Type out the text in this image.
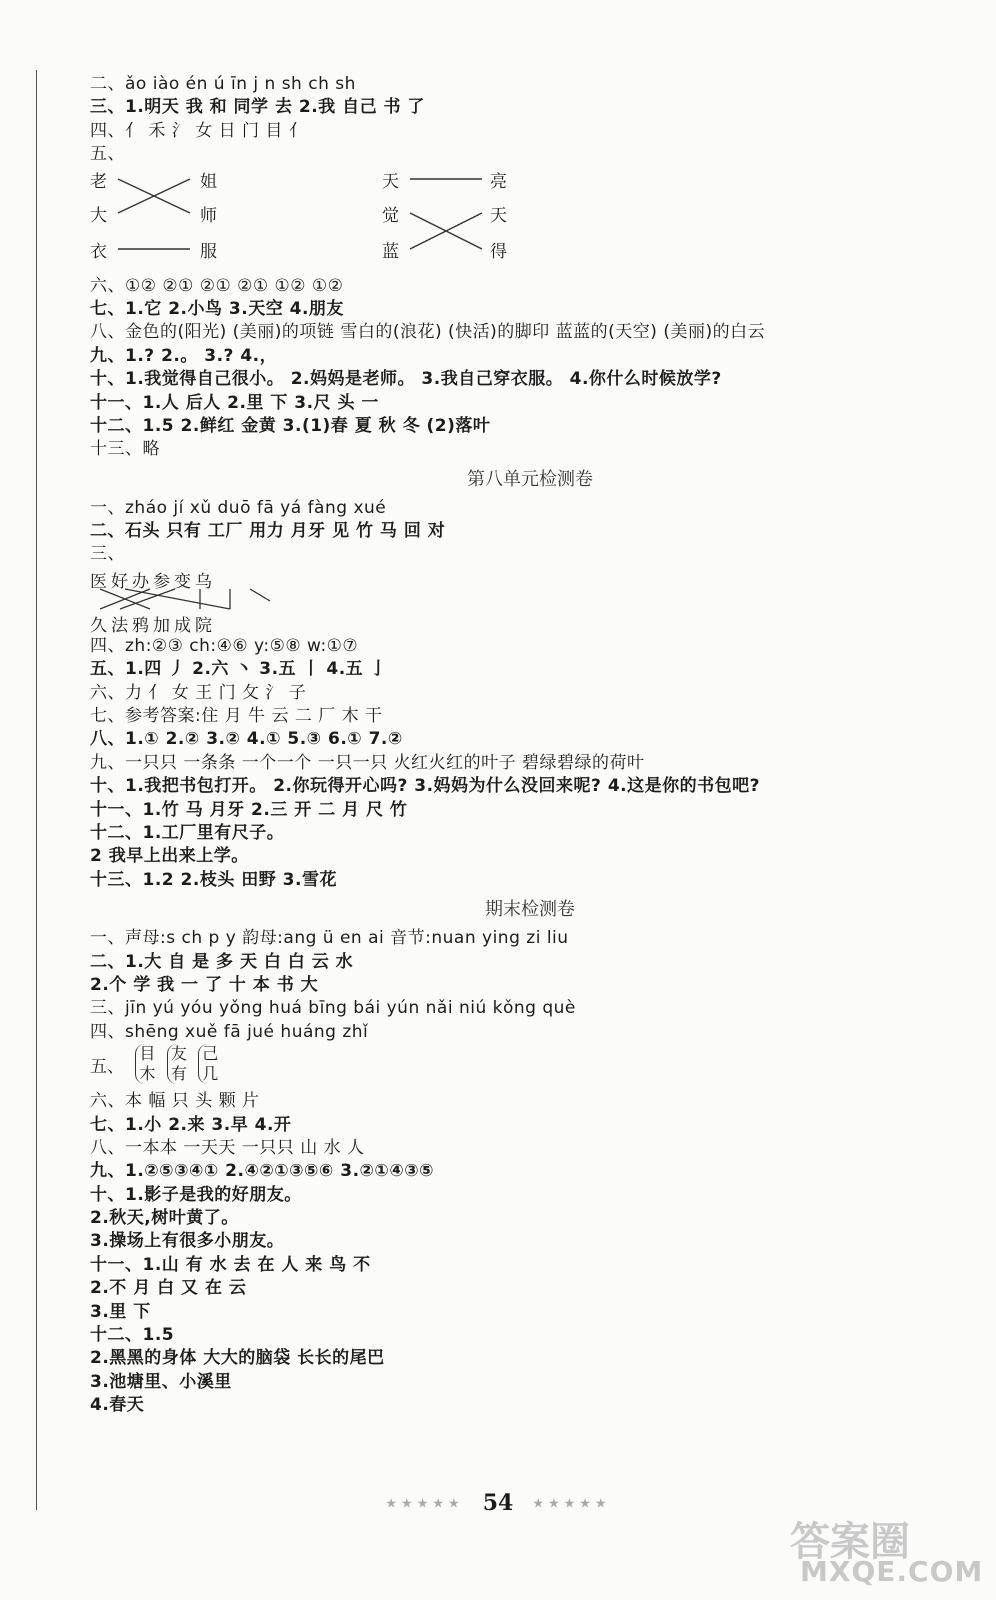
二、ǎo iào én ú īn j n sh ch sh
三、1.明天 我 和 同学 去 2.我 自己 书 了
四、亻 禾 氵 女 日 门 目 亻
五、
老
大
衣
姐
师
服
天
觉
蓝
亮
天
得
六、①② ②① ②① ②① ①② ①②
七、1.它 2.小鸟 3.天空 4.朋友
八、金色的(阳光) (美丽)的项链 雪白的(浪花) (快活)的脚印 蓝蓝的(天空) (美丽)的白云
九、1.? 2.。 3.? 4.，
十、1.我觉得自己很小。 2.妈妈是老师。 3.我自己穿衣服。 4.你什么时候放学?
十一、1.人 后人 2.里 下 3.尺 头 一
十二、1.5 2.鲜红 金黄 3.(1)春 夏 秋 冬 (2)落叶
十三、略
第八单元检测卷
一、zháo jí xǔ duō fā yá fàng xué
二、石头 只有 工厂 用力 月牙 见 竹 马 回 对
三、
医好办参变乌
久法鸦加成院
四、zh:②③ ch:④⑥ y:⑤⑧ w:①⑦
五、1.四 丿 2.六 丶 3.五 丨 4.五 亅
六、力 亻 女 王 门 攵 氵 子
七、参考答案:住 月 牛 云 二 厂 木 干
八、1.① 2.② 3.② 4.① 5.③ 6.① 7.②
九、一只只 一条条 一个一个 一只一只 火红火红的叶子 碧绿碧绿的荷叶
十、1.我把书包打开。 2.你玩得开心吗? 3.妈妈为什么没回来呢? 4.这是你的书包吧?
十一、1.竹 马 月牙 2.三 开 二 月 尺 竹
十二、1.工厂里有尺子。
2 我早上出来上学。
十三、1.2 2.枝头 田野 3.雪花
期末检测卷
一、声母:s ch p y 韵母:ang ü en ai 音节:nuan ying zi liu
二、1.大 自 是 多 天 白 白 云 水
2.个 学 我 一 了 十 本 书 大
三、jīn yú yóu yǒng huá bīng bái yún nǎi niú kǒng què
四、shēng xuě fā jué huáng zhǐ
五、 目
木 友
有 己
几
六、本 幅 只 头 颗 片
七、1.小 2.来 3.早 4.开
八、一本本 一天天 一只只 山 水 人
九、1.②⑤③④① 2.④②①③⑤⑥ 3.②①④③⑤
十、1.影子是我的好朋友。
2.秋天,树叶黄了。
3.操场上有很多小朋友。
十一、1.山 有 水 去 在 人 来 鸟 不
2.不 月 白 又 在 云
3.里 下
十二、1.5
2.黑黑的身体 大大的脑袋 长长的尾巴
3.池塘里、小溪里
4.春天
★★★★★ 54 ★★★★★
答案圈
MXQE.COM
